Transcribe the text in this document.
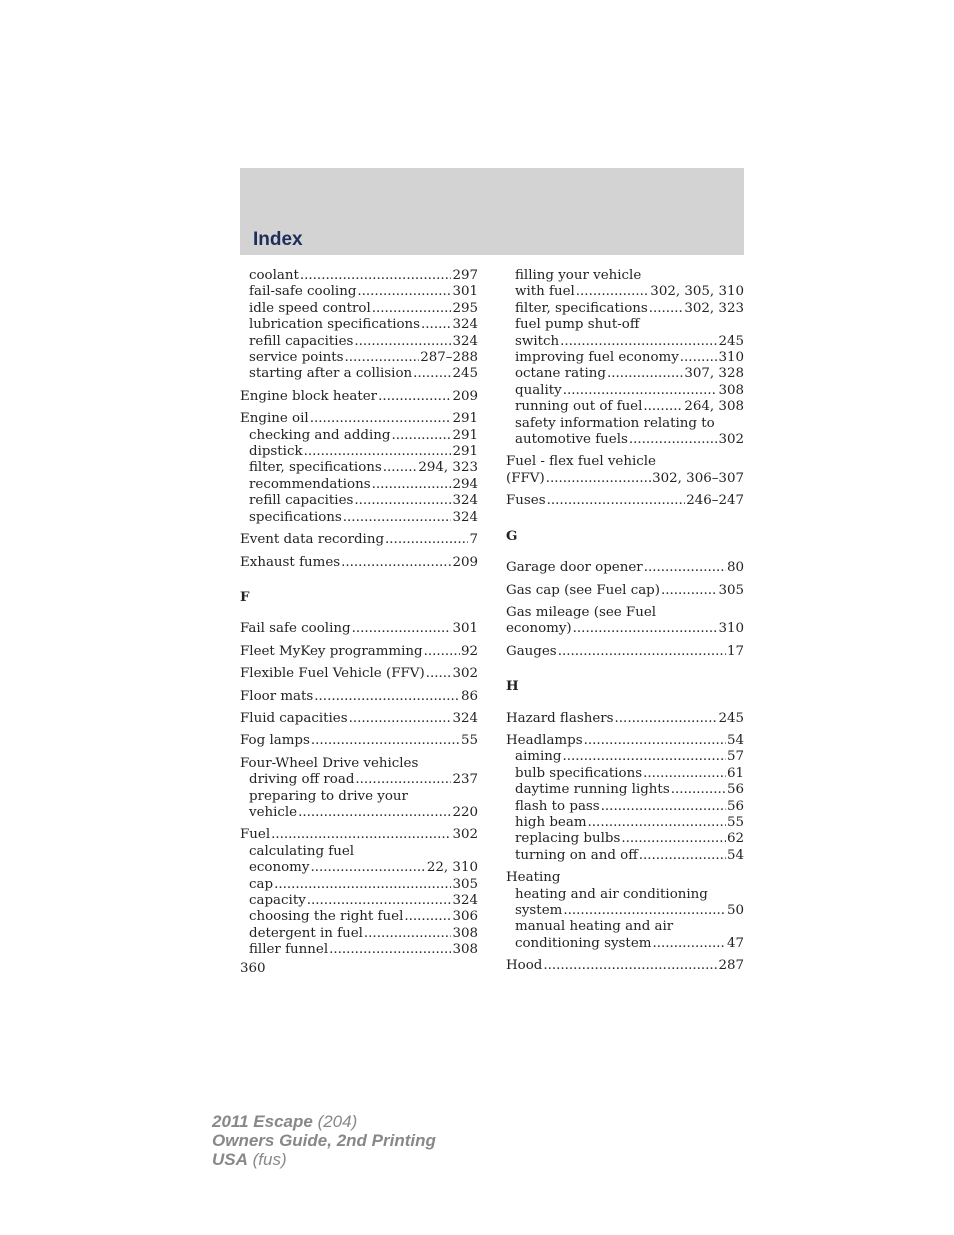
Index
coolant .....	297
fail-safe cooling .....	301
idle speed control .....	295
lubrication specifications ..... 324
refill capacities .....	324
service points .....	287–288
starting after a collision .....	245
Engine block heater .....	209
Engine oil .....	291
checking and adding .....	291
dipstick .....	291
filter, specifications .....	294, 323
recommendations .....	294
refill capacities .....	324
specifications .....	324
Event data recording .....	7
Exhaust fumes .....	209
F
Fail safe cooling .....	301
Fleet MyKey programming .....	92
Flexible Fuel Vehicle (FFV) ..... 302
Floor mats .....	86
Fluid capacities .....	324
Fog lamps .....	55
Four-Wheel Drive vehicles
driving off road .....	237
preparing to drive your
vehicle .....	220
Fuel .....	302
calculating fuel
economy .....	22, 310
cap .....	305
capacity .....	324
choosing the right fuel .....	306
detergent in fuel .....	308
filler funnel .....	308
filling your vehicle
with fuel .....	302, 305, 310
filter, specifications .....	302, 323
fuel pump shut-off
switch .....	245
improving fuel economy .....	310
octane rating .....	307, 328
quality .....	308
running out of fuel .....	264, 308
safety information relating to
automotive fuels .....	302
Fuel - flex fuel vehicle
(FFV) .....	302, 306–307
Fuses .....	246–247
G
Garage door opener .....	80
Gas cap (see Fuel cap) .....	305
Gas mileage (see Fuel
economy) .....	310
Gauges .....	17
H
Hazard flashers .....	245
Headlamps .....	54
aiming .....	57
bulb specifications .....	61
daytime running lights .....	56
flash to pass .....	56
high beam .....	55
replacing bulbs .....	62
turning on and off .....	54
Heating
heating and air conditioning
system .....	50
manual heating and air
conditioning system .....	47
Hood .....	287
360
2011 Escape (204)
Owners Guide, 2nd Printing
USA (fus)
